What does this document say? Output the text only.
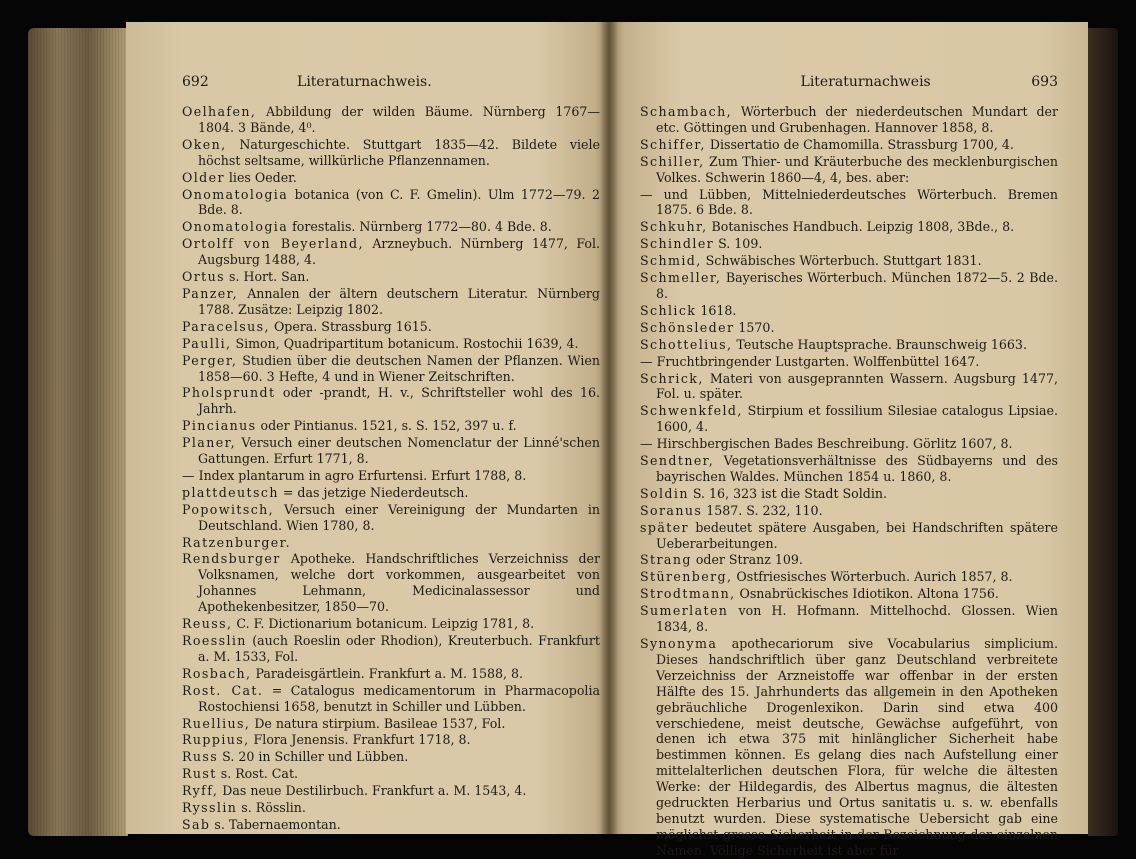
692	Literaturnachweis.
Oelhafen, Abbildung der wilden Bäume. Nürnberg 1767—1804. 3 Bände, 4⁰.
Oken, Naturgeschichte. Stuttgart 1835—42. Bildete viele höchst seltsame, willkürliche Pflanzennamen.
Older lies Oeder.
Onomatologia botanica (von C. F. Gmelin). Ulm 1772—79. 2 Bde. 8.
Onomatologia forestalis. Nürnberg 1772—80. 4 Bde. 8.
Ortolff von Beyerland, Arzneybuch. Nürnberg 1477, Fol. Augsburg 1488, 4.
Ortus s. Hort. San.
Panzer, Annalen der ältern deutschern Literatur. Nürnberg 1788. Zusätze: Leipzig 1802.
Paracelsus, Opera. Strassburg 1615.
Paulli, Simon, Quadripartitum botanicum. Rostochii 1639, 4.
Perger, Studien über die deutschen Namen der Pflanzen. Wien 1858—60. 3 Hefte, 4 und in Wiener Zeitschriften.
Pholsprundt oder -prandt, H. v., Schriftsteller wohl des 16. Jahrh.
Pincianus oder Pintianus. 1521, s. S. 152, 397 u. f.
Planer, Versuch einer deutschen Nomenclatur der Linné'schen Gattungen. Erfurt 1771, 8.
— Index plantarum in agro Erfurtensi. Erfurt 1788, 8.
plattdeutsch = das jetzige Niederdeutsch.
Popowitsch, Versuch einer Vereinigung der Mundarten in Deutschland. Wien 1780, 8.
Ratzenburger.
Rendsburger Apotheke. Handschriftliches Verzeichniss der Volksnamen, welche dort vorkommen, ausgearbeitet von Johannes Lehmann, Medicinalassessor und Apothekenbesitzer, 1850—70.
Reuss, C. F. Dictionarium botanicum. Leipzig 1781, 8.
Roesslin (auch Roeslin oder Rhodion), Kreuterbuch. Frankfurt a. M. 1533, Fol.
Rosbach, Paradeisgärtlein. Frankfurt a. M. 1588, 8.
Rost. Cat. = Catalogus medicamentorum in Pharmacopolia Rostochiensi 1658, benutzt in Schiller und Lübben.
Ruellius, De natura stirpium. Basileae 1537, Fol.
Ruppius, Flora Jenensis. Frankfurt 1718, 8.
Russ S. 20 in Schiller und Lübben.
Rust s. Rost. Cat.
Ryff, Das neue Destilirbuch. Frankfurt a. M. 1543, 4.
Rysslin s. Rösslin.
Sab s. Tabernaemontan.
Literaturnachweis	693
Schambach, Wörterbuch der niederdeutschen Mundart der etc. Göttingen und Grubenhagen. Hannover 1858, 8.
Schiffer, Dissertatio de Chamomilla. Strassburg 1700, 4.
Schiller, Zum Thier- und Kräuterbuche des mecklenburgischen Volkes. Schwerin 1860—4, 4, bes. aber:
— und Lübben, Mittelniederdeutsches Wörterbuch. Bremen 1875. 6 Bde. 8.
Schkuhr, Botanisches Handbuch. Leipzig 1808, 3Bde., 8.
Schindler S. 109.
Schmid, Schwäbisches Wörterbuch. Stuttgart 1831.
Schmeller, Bayerisches Wörterbuch. München 1872—5. 2 Bde. 8.
Schlick 1618.
Schönsleder 1570.
Schottelius, Teutsche Hauptsprache. Braunschweig 1663.
— Fruchtbringender Lustgarten. Wolffenbüttel 1647.
Schrick, Materi von ausgeprannten Wassern. Augsburg 1477, Fol. u. später.
Schwenkfeld, Stirpium et fossilium Silesiae catalogus Lipsiae. 1600, 4.
— Hirschbergischen Bades Beschreibung. Görlitz 1607, 8.
Sendtner, Vegetationsverhältnisse des Südbayerns und des bayrischen Waldes. München 1854 u. 1860, 8.
Soldin S. 16, 323 ist die Stadt Soldin.
Soranus 1587. S. 232, 110.
später bedeutet spätere Ausgaben, bei Handschriften spätere Ueberarbeitungen.
Strang oder Stranz 109.
Stürenberg, Ostfriesisches Wörterbuch. Aurich 1857, 8.
Strodtmann, Osnabrückisches Idiotikon. Altona 1756.
Sumerlaten von H. Hofmann. Mittelhochd. Glossen. Wien 1834, 8.
Synonyma apothecariorum sive Vocabularius simplicium. Dieses handschriftlich über ganz Deutschland verbreitete Verzeichniss der Arzneistoffe war offenbar in der ersten Hälfte des 15. Jahrhunderts das allgemein in den Apotheken gebräuchliche Drogenlexikon. Darin sind etwa 400 verschiedene, meist deutsche, Gewächse aufgeführt, von denen ich etwa 375 mit hinlänglicher Sicherheit habe bestimmen können. Es gelang dies nach Aufstellung einer mittelalterlichen deutschen Flora, für welche die ältesten Werke: der Hildegardis, des Albertus magnus, die ältesten gedruckten Herbarius und Ortus sanitatis u. s. w. ebenfalls benutzt wurden. Diese systematische Uebersicht gab eine möglichst grosse Sicherheit in der Bezeichnung der einzelnen Namen. Völlige Sicherheit ist aber für
